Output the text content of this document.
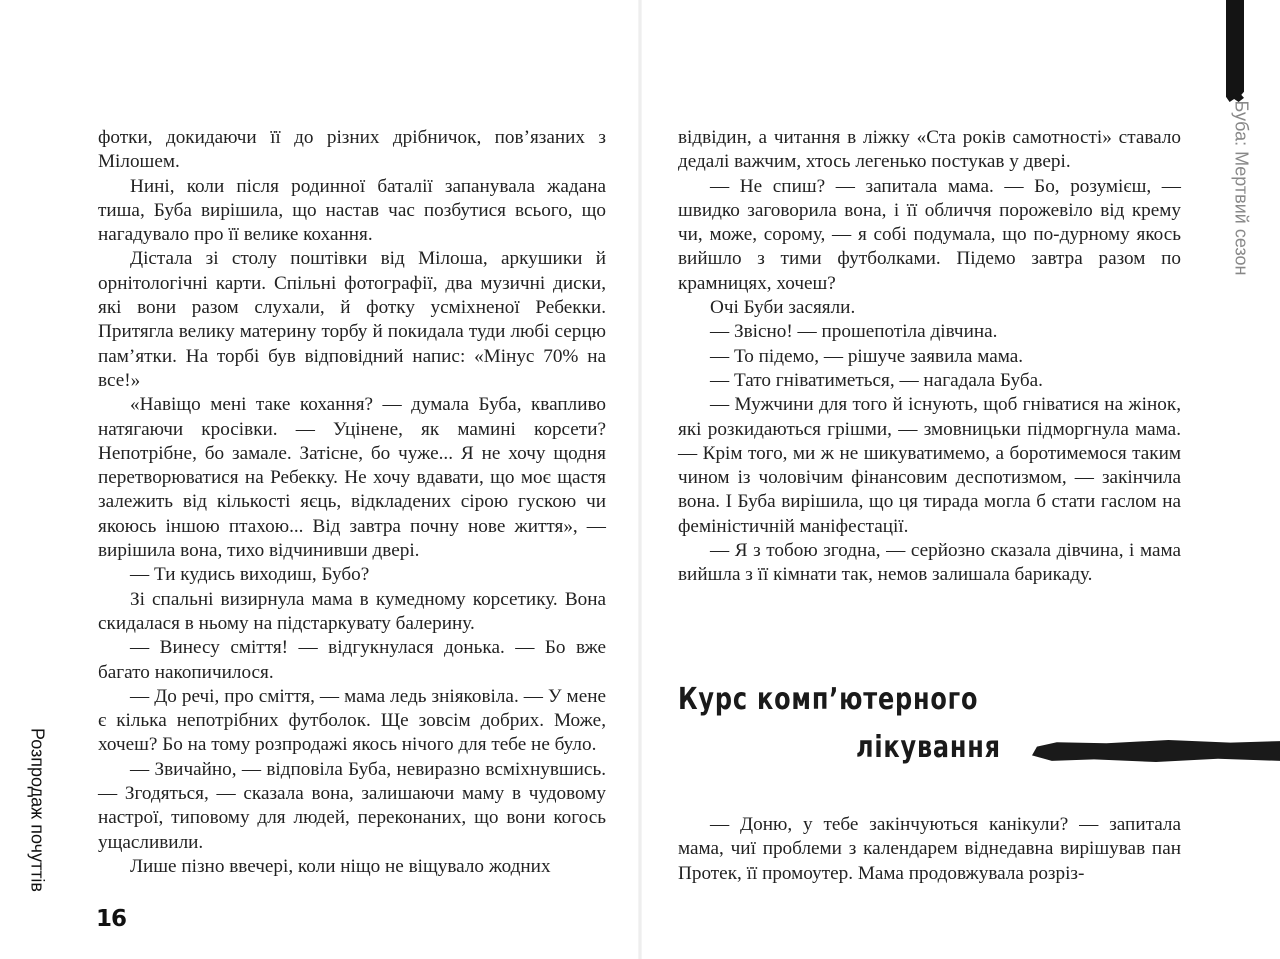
фотки, докидаючи її до різних дрібничок, пов’язаних з Мілошем.

Нині, коли після родинної баталії запанувала жадана тиша, Буба вирішила, що настав час позбутися всього, що нагадувало про її велике кохання.

Дістала зі столу поштівки від Мілоша, аркушики й орнітологічні карти. Спільні фотографії, два музичні диски, які вони разом слухали, й фотку усміхненої Ребекки. Притягла велику материну торбу й покидала туди любі серцю пам’ятки. На торбі був відповідний напис: «Мінус 70% на все!»

«Навіщо мені таке кохання? — думала Буба, квапливо натягаючи кросівки. — Уціненe, як мамині корсети? Непотрібне, бо замале. Затісне, бо чуже... Я не хочу щодня перетворюватися на Ребекку. Не хочу вдавати, що моє щастя залежить від кількості яєць, відкладених сірою гускою чи якоюсь іншою птахою... Від завтра почну нове життя», — вирішила вона, тихо відчинивши двері.

— Ти кудись виходиш, Бубо?

Зі спальні визирнула мама в кумедному корсетику. Вона скидалася в ньому на підстаркувату балерину.

— Винесу сміття! — відгукнулася донька. — Бо вже багато накопичилося.

— До речі, про сміття, — мама ледь зніяковіла. — У мене є кілька непотрібних футболок. Ще зовсім добрих. Може, хочеш? Бо на тому розпродажі якось нічого для тебе не було.

— Звичайно, — відповіла Буба, невиразно всміхнувшись. — Згодяться, — сказала вона, залишаючи маму в чудовому настрої, типовому для людей, переконаних, що вони когось ущасливили.

Лише пізно ввечері, коли ніщо не віщувало жодних

Розпродаж почуттів
16
Буба: Мертвий сезон

відвідин, а читання в ліжку «Ста років самотності» ставало дедалі важчим, хтось легенько постукав у двері.

— Не спиш? — запитала мама. — Бо, розумієш, — швидко заговорила вона, і її обличчя порожевіло від крему чи, може, сорому, — я собі подумала, що по-дурному якось вийшло з тими футболками. Підемо завтра разом по крамницях, хочеш?

Очі Буби засяяли.

— Звісно! — прошепотіла дівчина.

— То підемо, — рішуче заявила мама.

— Тато гніватиметься, — нагадала Буба.

— Мужчини для того й існують, щоб гніватися на жінок, які розкидаються грішми, — змовницьки підморгнула мама. — Крім того, ми ж не шикуватимемо, а боротимемося таким чином із чоловічим фінансовим деспотизмом, — закінчила вона. І Буба вирішила, що ця тирада могла б стати гаслом на феміністичній маніфестації.

— Я з тобою згодна, — серйозно сказала дівчина, і мама вийшла з її кімнати так, немов залишала барикаду.

Курс комп’ютерного
лікування

— Доню, у тебе закінчуються канікули? — запитала мама, чиї проблеми з календарем віднедавна вирішував пан Протек, її промоутер. Мама продовжувала розріз-
